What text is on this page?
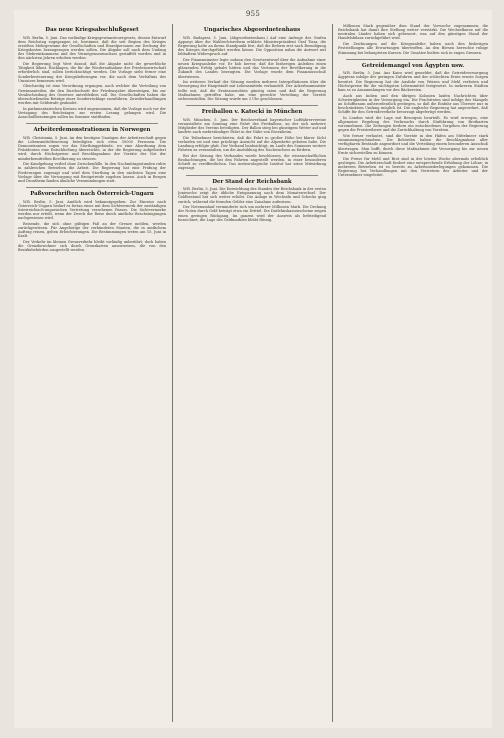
955
Das neue Kriegsabschlußgeset

W.B. Berlin, 5. Juni. Das vorläufige Kriegsgewinnsteuergesetz, dessen Entwurf dem Reichstag zugegangen ist, bestimmt, daß die seit Beginn des Krieges erzielten Mehrgewinne der Gesellschaften und Einzelpersonen zur Deckung der Kriegskosten herangezogen werden sollen. Die Abgabe soll nach dem Umfang des Mehreinkommens und des Vermögenszuwachses gestaffelt werden und in den nächsten Jahren erhoben werden.

Die Regierung legt Wert darauf, daß die Abgabe nicht die gewerbliche Tätigkeit lähmt. Rücklagen, die für die Wiederaufnahme der Friedenswirtschaft erforderlich sind, sollen berücksichtigt werden. Die Vorlage sieht ferner eine Sonderbesteuerung der Kriegslieferungen vor, die nach dem Verhältnis des Umsatzes bemessen wird.

Gleichzeitig ist eine Verordnung ergangen, nach welcher die Verteilung von Gewinnanteilen, die den Durchschnitt der Friedensjahre übersteigen, bis zur Verabschiedung des Gesetzes unterbleiben soll. Die Gesellschaften haben die überschießenden Beträge einer Sonderrücklage zuzuführen. Zuwiderhandlungen werden mit Geldstrafe geahndet.

In parlamentarischen Kreisen wird angenommen, daß die Vorlage noch vor der Vertagung des Reichstages zur ersten Lesung gelangen wird. Die Ausschußberatungen sollen im Sommer stattfinden.

Arbeiterdemonstrationen in Norwegen

W.B. Christiania, 5. Juni. An den heutigen Umzügen der Arbeiterschaft gegen die Lebensmittelteuerung beteiligten sich etwa 30000 Personen. Die Demonstranten zogen vor das Storthinggebäude, wo eine Abordnung dem Präsidenten eine Entschließung überreichte, in der die Regierung aufgefordert wird, durch Höchstpreise und Beschlagnahme der Vorräte der Not der minderbemittelten Bevölkerung zu steuern.

Die Kundgebung verlief ohne Zwischenfälle. In den Nachmittagsstunden ruhte in zahlreichen Betrieben die Arbeit. Die Regierung hat eine Prüfung der Forderungen zugesagt und wird dem Storthing in den nächsten Tagen eine Vorlage über die Versorgung mit Brotgetreide zugehen lassen. Auch in Bergen und Drontheim fanden ähnliche Versammlungen statt.

Paßvorschriften nach Österreich-Ungarn

W.B. Berlin, 5. Juni. Amtlich wird bekanntgegeben: Zur Einreise nach Österreich-Ungarn bedarf es fortan eines mit dem Sichtvermerk der zuständigen österreichisch-ungarischen Vertretung versehenen Passes. Die Sichtvermerke werden nur erteilt, wenn der Zweck der Reise durch amtliche Bescheinigungen nachgewiesen wird.

Reisende, die sich ohne gültigen Paß an der Grenze melden, werden zurückgewiesen. Für Angehörige der verbündeten Staaten, die in amtlichem Auftrag reisen, gelten Erleichterungen. Die Bestimmungen treten am 15. Juni in Kraft.

Der Verkehr im kleinen Grenzverkehr bleibt vorläufig unberührt; doch haben die Grenzbewohner sich durch Grenzkarten auszuweisen, die von den Bezirksbehörden ausgestellt werden.

Ungarisches Abgeordnetenhaus

W.B. Budapest, 5. Juni. (Abgeordnetenhaus.) Auf eine Anfrage des Grafen Apponyi über die Wahlrechtsreform erklärte Ministerpräsident Graf Tisza, die Regierung halte an ihrem Standpunkt fest, daß die Reform erst nach Beendigung des Krieges durchgeführt werden könne. Die Opposition nahm die Antwort mit lebhaftem Widerspruch auf.

Der Finanzminister legte sodann den Gesetzentwurf über die Aufnahme einer neuen Kriegsanleihe vor. Er hob hervor, daß die bisherigen Anleihen einen glänzenden Erfolg gehabt hätten und das Vertrauen der Bevölkerung in die Zukunft des Landes bezeugten. Die Vorlage wurde dem Finanzausschuß überwiesen.

Im weiteren Verlauf der Sitzung wurden mehrere Interpellationen über die Versorgung der Hauptstadt mit Lebensmitteln verhandelt. Der Ackerbauminister teilte mit, daß die Ernteaussichten günstig seien und daß die Regierung Maßnahmen getroffen habe, um eine gerechte Verteilung der Vorräte sicherzustellen. Die Sitzung wurde um 3 Uhr geschlossen.

Freiballon v. Katocki in München

W.B. München, 5. Juni. Der Reichsverband bayerischer Luftfahrervereine veranstaltete am Sonntag eine Fahrt des Freiballons, an der sich mehrere Mitglieder des Vereins beteiligten. Der Ballon stieg bei günstigem Wetter auf und landete nach mehrstündiger Fahrt in der Nähe von Rosenheim.

Die Teilnehmer berichteten, daß die Fahrt in großer Höhe bei klarer Sicht verlaufen sei und eine prächtige Aussicht auf die Alpenkette geboten habe. Die Landung erfolgte glatt. Der Verband beabsichtigt, im Laufe des Sommers weitere Fahrten zu veranstalten, um die Ausbildung des Nachwuchses zu fördern.

Bei der Sitzung des Verbandes wurde beschlossen, die wissenschaftlichen Beobachtungen, die bei den Fahrten angestellt werden, in einer besonderen Schrift zu veröffentlichen. Das meteorologische Institut hat seine Mitwirkung zugesagt.

Der Stand der Reichsbank

W.B. Berlin, 5. Juni. Die Entwicklung des Standes der Reichsbank in der ersten Juniwoche zeigt die übliche Entspannung nach dem Monatswechsel. Der Goldbestand hat sich weiter erhöht. Die Anlage in Wechseln und Schecks ging zurück, während die fremden Gelder eine Zunahme aufweisen.

Der Notenumlauf verminderte sich um mehrere Millionen Mark. Die Deckung der Noten durch Gold beträgt etwa ein Drittel. Die Darlehnskassenscheine zeigen einen geringen Rückgang. Im ganzen wird der Ausweis als befriedigend bezeichnet; die Lage des Geldmarktes bleibt flüssig.

Millionen Mark gegenüber dem Stand der Vorwoche zugenommen; die Reichsbank hat damit ihre Stellung weiter verstärkt. Die Wechselkurse auf die neutralen Länder haben sich gebessert, was auf den günstigen Stand der Handelsbilanz zurückgeführt wird.

Die Zeichnungen auf die Kriegsanleihe haben nach den bisherigen Feststellungen alle Erwartungen übertroffen. An den Börsen herrschte ruhige Stimmung bei behaupteten Kursen. Die Umsätze hielten sich in engen Grenzen.

Getreidemangel von Ägypten usw.

W.B. Berlin, 5. Juni. Aus Kairo wird gemeldet, daß die Getreideversorgung Ägyptens infolge der geringen Zufuhren und der schlechten Ernte ernste Sorgen bereitet. Die Regierung hat die Ausfuhr von Weizen und Mehl verboten und Höchstpreise für die wichtigsten Lebensmittel festgesetzt. In mehreren Städten kam es zu Ansammlungen vor den Bäckereien.

Auch aus Indien und den übrigen Kolonien laufen Nachrichten über Schwierigkeiten in der Versorgung ein. Die Frachtraten sind infolge des Mangels an Schiffsraum außerordentlich gestiegen, so daß die Einfuhr aus Übersee nur in beschränktem Umfang möglich ist. Die englische Regierung hat angeordnet, daß Schiffe für den Getreideverkehr bevorzugt abgefertigt werden.

In London wird die Lage mit Besorgnis beurteilt. Es wird erwogen, eine allgemeine Regelung des Verbrauchs durch Einführung von Brotkarten vorzunehmen. Die Zeitungen fordern ein entschiedenes Vorgehen der Regierung gegen die Preistreiberei und die Zurückhaltung von Vorräten.

Wie ferner verlautet, sind die Vorräte in den Häfen am Mittelmeer stark zusammengeschmolzen. Die Behörden haben die Beschlagnahme aller verfügbaren Bestände angeordnet und die Verteilung einem besonderen Ausschuß übertragen. Man hofft, durch diese Maßnahmen die Versorgung bis zur neuen Ernte sicherstellen zu können.

Die Preise für Mehl und Brot sind in der letzten Woche abermals erheblich gestiegen. Die Arbeiterschaft fordert eine entsprechende Erhöhung der Löhne; in mehreren Betrieben ist es bereits zu Arbeitsniederlegungen gekommen. Die Regierung hat Verhandlungen mit den Vertretern der Arbeiter und der Unternehmer eingeleitet.
